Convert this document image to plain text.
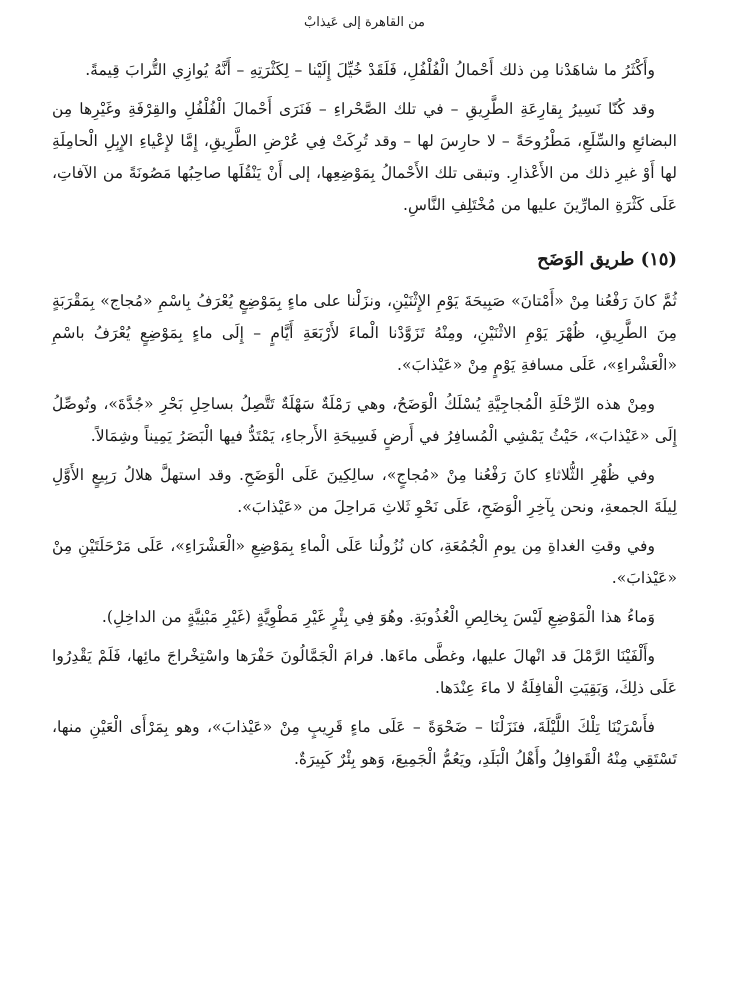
من القاهرة إلى عَيذابْ

وأَكْثَرُ ما شاهَدْنا مِن ذلك أَحْمالُ الْفُلْفُلِ، فَلَقَدْ خُيِّلَ إِلَيْنا – لِكَثْرَتِهِ – أَنَّهُ يُوازِي التُّرابَ قِيمةً.

وقد كُنّا نَسِيرُ بِقارِعَةِ الطَّرِيقِ – في تلك الصَّحْراءِ – فَنَرَى أَحْمالَ الْفُلْفُلِ والقِرْفَةِ وغَيْرِها مِن البضائعِ والسِّلَعِ، مَطْرُوحَةً – لا حارِسَ لها – وقد تُرِكَتْ فِي عُرْضِ الطَّرِيقِ، إِمَّا لإِعْياءِ الإِبِلِ الْحامِلَةِ لها أَوْ غيرِ ذلك من الأَعْذارِ. وتبقى تلك الأَحْمالُ بِمَوْضِعِها، إلى أَنْ يَنْقُلَها صاحِبُها مَصُونَةً من الآفاتِ، عَلَى كَثْرَةِ المارِّينَ عليها من مُخْتَلِفِ النَّاسِ.

(١٥) طريق الوَضَح

ثُمَّ كانَ رَفْعُنا مِنْ «أَمْتانَ» صَبِيحَةَ يَوْمِ الإِثْنَيْنِ، ونزَلْنا على ماءٍ بِمَوْضِعٍ يُعْرَفُ بِاسْمِ «مُجاج» بِمَقْرَبَةٍ مِنَ الطَّرِيقِ، ظُهْرَ يَوْمِ الاثْنَيْنِ، ومِنْهُ تَزَوَّدْنا الْماءَ لأَرْبَعَةِ أَيَّامٍ – إِلَى ماءٍ بِمَوْضِعٍ يُعْرَفُ باسْمِ «الْعَشْراءِ»، عَلَى مسافةِ يَوْمٍ مِنْ «عَيْذابَ».

ومِنْ هذه الرِّحْلَةِ الْمُجاجِيَّةِ يُسْلَكُ الْوَضَحُ، وهي رَمْلَةٌ سَهْلَةٌ تَتَّصِلُ بساحِلِ بَحْرِ «جُدَّةَ»، وتُوصِّلُ إِلَى «عَيْذابَ»، حَيْثُ يَمْشِي الْمُسافِرُ في أَرضٍ فَسِيحَةِ الأَرجاءِ، يَمْتَدُّ فيها الْبَصَرُ يَمِيناً وشِمَالاً.

وفي ظُهْرِ الثُّلاثاءِ كانَ رَفْعُنا مِنْ «مُجاجٍ»، سالِكِينَ عَلَى الْوَضَحِ. وقد استهلَّ هلالُ رَبِيعٍ الأَوَّلِ لِيلَةَ الجمعةِ، ونحن بِآخِرِ الْوَضَحِ، عَلَى نَحْوِ ثَلاثِ مَراحِلَ من «عَيْذابَ».

وفي وقتِ الغداةِ مِن يومِ الْجُمُعَةِ، كان نُزُولُنا عَلَى الْماءِ بِمَوْضِعِ «الْعَشْرَاءِ»، عَلَى مَرْحَلَتَيْنِ مِنْ «عَيْذابَ».

وَماءُ هذا الْمَوْضِعِ لَيْسَ بِخالِصِ الْعُذُوبَةِ. وهُوَ فِي بِئْرٍ غَيْرِ مَطْوِيَّةٍ (غَيْرِ مَبْنِيَّةٍ من الداخِلِ).

وأَلْفَيْنَا الرَّمْلَ قد انْهالَ عليها، وغطَّى ماءَها. فرامَ الْجَمَّالُونَ حَفْرَها واسْتِخْراجَ مائِها، فَلَمْ يَقْدِرُوا عَلَى ذلِكَ، وَبَقِيَتِ الْقافِلَةُ لا ماءَ عِنْدَها.

فأَسْرَيْنَا تِلْكَ اللَّيْلَةَ، فنَزَلْنَا – ضَحْوَةً – عَلَى ماءٍ قَرِيبٍ مِنْ «عَيْذابَ»، وهو بِمَرْأَى الْعَيْنِ منها، تَسْتَقِي مِنْهُ الْقَوافِلُ وأَهْلُ الْبَلَدِ، ويَعُمُّ الْجَمِيعَ، وَهو بِئْرٌ كَبِيرَةٌ.
